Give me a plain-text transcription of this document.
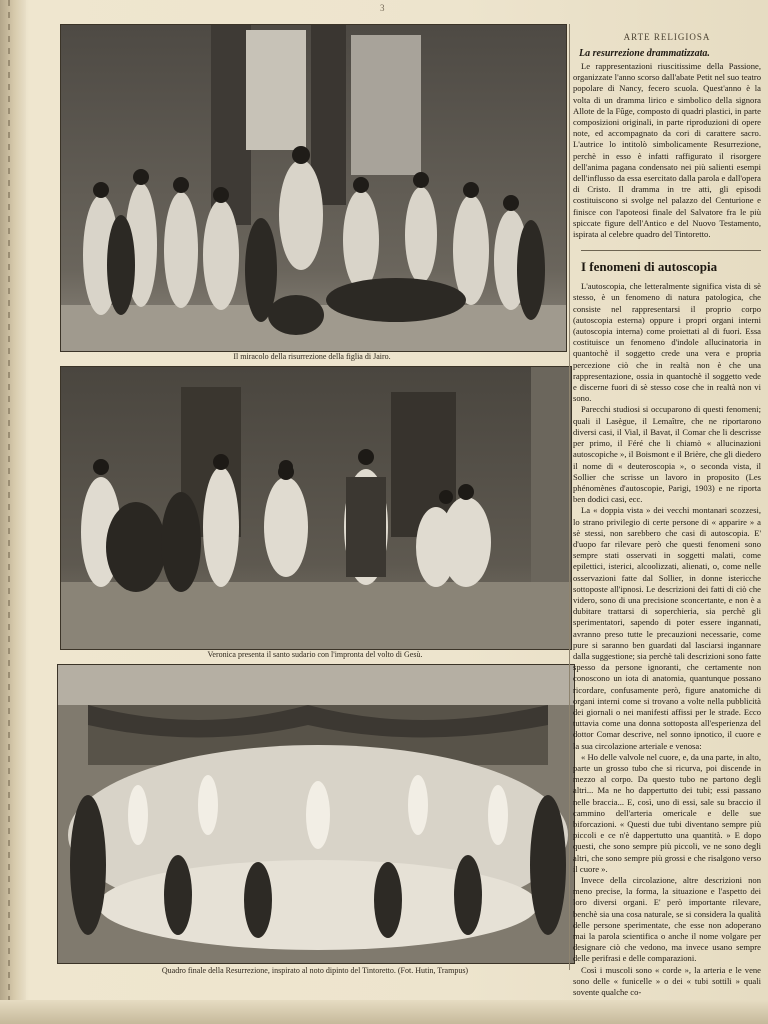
3
Il miracolo della risurrezione della figlia di Jairo.
Veronica presenta il santo sudario con l'impronta del volto di Gesù.
Quadro finale della Resurrezione, inspirato al noto dipinto del Tintoretto. (Fot. Hutin, Trampus)
ARTE RELIGIOSA
La resurrezione drammatizzata.

Le rappresentazioni riuscitissime della Passione, organizzate l'anno scorso dall'abate Petit nel suo teatro popolare di Nancy, fecero scuola. Quest'anno è la volta di un dramma lirico e simbolico della signora Allote de la Fûge, composto di quadri plastici, in parte composizioni originali, in parte riproduzioni di opere note, ed accompagnato da cori di carattere sacro. L'autrice lo intitolò simbolicamente Resurrezione, perchè in esso è infatti raffigurato il risorgere dell'anima pagana condensato nei più salienti esempi dell'influsso da essa esercitato dalla parola e dall'opera di Cristo. Il dramma in tre atti, gli episodi costituiscono si svolge nel palazzo del Centurione e finisce con l'apoteosi finale del Salvatore fra le più spiccate figure dell'Antico e del Nuovo Testamento, ispirata al celebre quadro del Tintoretto.

I fenomeni di autoscopia

L'autoscopia, che letteralmente significa vista di sè stesso, è un fenomeno di natura patologica, che consiste nel rappresentarsi il proprio corpo (autoscopia esterna) oppure i propri organi interni (autoscopia interna) come proiettati al di fuori. Essa costituisce un fenomeno d'indole allucinatoria in quantochè il soggetto crede una vera e propria percezione ciò che in realtà non è che una rappresentazione, ossia in quantochè il soggetto vede e discerne fuori di sè stesso cose che in realtà non vi sono.

Parecchi studiosi si occuparono di questi fenomeni; quali il Lasègue, il Lemaître, che ne riportarono diversi casi, il Vial, il Bavat, il Comar che li descrisse per primo, il Féré che li chiamò « allucinazioni autoscopiche », il Boismont e il Brière, che gli diedero il nome di « deuteroscopia », o seconda vista, il Sollier che scrisse un lavoro in proposito (Les phénomènes d'autoscopie, Parigi, 1903) e ne riporta ben dodici casi, ecc.

La « doppia vista » dei vecchi montanari scozzesi, lo strano privilegio di certe persone di « apparire » a sè stessi, non sarebbero che casi di autoscopia. E' d'uopo far rilevare però che questi fenomeni sono sempre stati osservati in soggetti malati, come epilettici, isterici, alcoolizzati, alienati, o, come nelle osservazioni fatte dal Sollier, in donne istericche sottoposte all'ipnosi. Le descrizioni dei fatti di ciò che videro, sono di una precisione sconcertante, e non è a dubitare trattarsi di soperchieria, sia perchè gli sperimentatori, sapendo di poter essere ingannati, avranno preso tutte le precauzioni necessarie, come pure si saranno ben guardati dal lasciarsi ingannare dalla suggestione; sia perchè tali descrizioni sono fatte spesso da persone ignoranti, che certamente non conoscono un iota di anatomia, quantunque possano ricordare, confusamente però, figure anatomiche di organi interni come si trovano a volte nella pubblicità dei giornali o nei manifesti affissi per le strade. Ecco tuttavia come una donna sottoposta all'esperienza del dottor Comar descrive, nel sonno ipnotico, il cuore e la sua circolazione arteriale e venosa:

« Ho delle valvole nel cuore, e, da una parte, in alto, parte un grosso tubo che si ricurva, poi discende in mezzo al corpo. Da questo tubo ne partono degli altri... Ma ne ho dappertutto dei tubi; essi passano nelle braccia... E, così, uno di essi, sale su braccio il cammino dell'arteria omericale e delle sue biforcazioni. « Questi due tubi diventano sempre più piccoli e ce n'è dappertutto una quantità. » E dopo questi, che sono sempre più piccoli, ve ne sono degli altri, che sono sempre più grossi e che risalgono verso il cuore ».

Invece della circolazione, altre descrizioni non meno precise, la forma, la situazione e l'aspetto dei loro diversi organi. E' però importante rilevare, benchè sia una cosa naturale, se si considera la qualità delle persone sperimentate, che esse non adoperano mai la parola scientifica o anche il nome volgare per designare ciò che vedono, ma invece usano sempre delle perifrasi e delle comparazioni.

Così i muscoli sono « corde », la arteria e le vene sono delle « funicelle » o dei « tubi sottili » quali sovente qualche co-
